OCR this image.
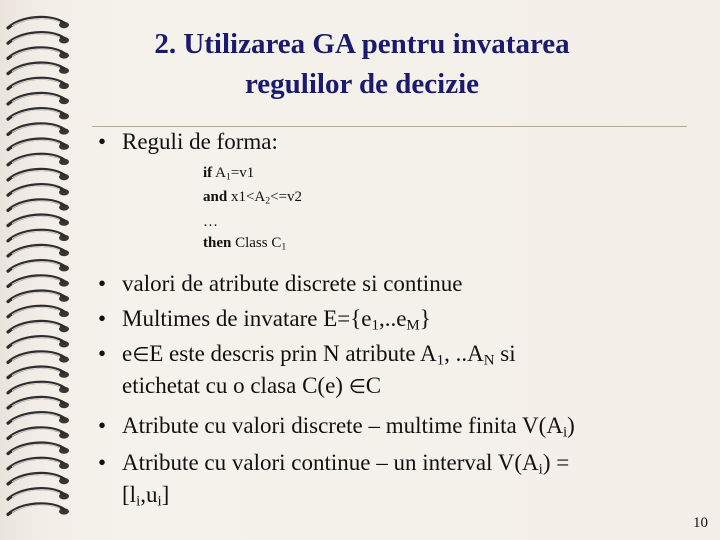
2. Utilizarea GA pentru invatarea
regulilor de decizie
• Reguli de forma:
if $A_1=v1$
and $x1<A_2<=v2$
…
then Class $C_1$
• valori de atribute discrete si continue
• Multimes de invatare $E=\{e_1,..e_M\}$
• e∈E este descris prin N atribute $A_1$, $..A_N$ si
etichetat cu o clasa C(e) ∈C
• Atribute cu valori discrete – multime finita $V(A_i)$
• Atribute cu valori continue – un interval $V(A_i)$ =
$[l_i,u_i]$
10
